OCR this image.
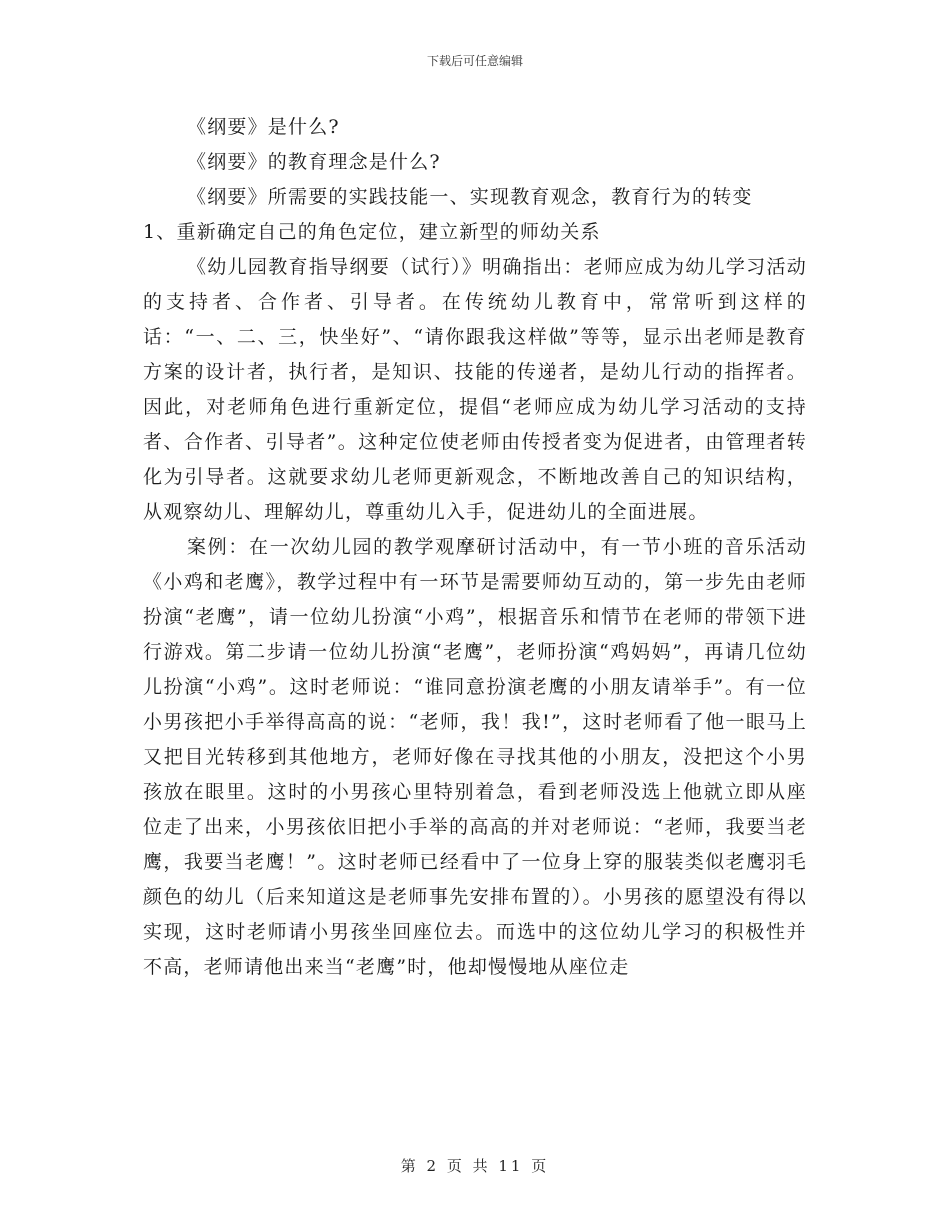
下载后可任意编辑

《纲要》是什么?

《纲要》的教育理念是什么?

《纲要》所需要的实践技能一、实现教育观念，教育行为的转变

1、重新确定自己的角色定位，建立新型的师幼关系

《幼儿园教育指导纲要（试行）》明确指出：老师应成为幼儿学习活动的支持者、合作者、引导者。在传统幼儿教育中，常常听到这样的话：“一、二、三，快坐好”、“请你跟我这样做”等等，显示出老师是教育方案的设计者，执行者，是知识、技能的传递者，是幼儿行动的指挥者。因此，对老师角色进行重新定位，提倡“老师应成为幼儿学习活动的支持者、合作者、引导者”。这种定位使老师由传授者变为促进者，由管理者转化为引导者。这就要求幼儿老师更新观念，不断地改善自己的知识结构，从观察幼儿、理解幼儿，尊重幼儿入手，促进幼儿的全面进展。

案例：在一次幼儿园的教学观摩研讨活动中，有一节小班的音乐活动《小鸡和老鹰》，教学过程中有一环节是需要师幼互动的，第一步先由老师扮演“老鹰”，请一位幼儿扮演“小鸡”，根据音乐和情节在老师的带领下进行游戏。第二步请一位幼儿扮演“老鹰”，老师扮演“鸡妈妈”，再请几位幼儿扮演“小鸡”。这时老师说：“谁同意扮演老鹰的小朋友请举手”。有一位小男孩把小手举得高高的说：“老师，我！我!”，这时老师看了他一眼马上又把目光转移到其他地方，老师好像在寻找其他的小朋友，没把这个小男孩放在眼里。这时的小男孩心里特别着急，看到老师没选上他就立即从座位走了出来，小男孩依旧把小手举的高高的并对老师说：“老师，我要当老鹰，我要当老鹰！”。这时老师已经看中了一位身上穿的服装类似老鹰羽毛颜色的幼儿（后来知道这是老师事先安排布置的）。小男孩的愿望没有得以实现，这时老师请小男孩坐回座位去。而选中的这位幼儿学习的积极性并不高，老师请他出来当“老鹰”时，他却慢慢地从座位走

第 2 页 共 11 页
